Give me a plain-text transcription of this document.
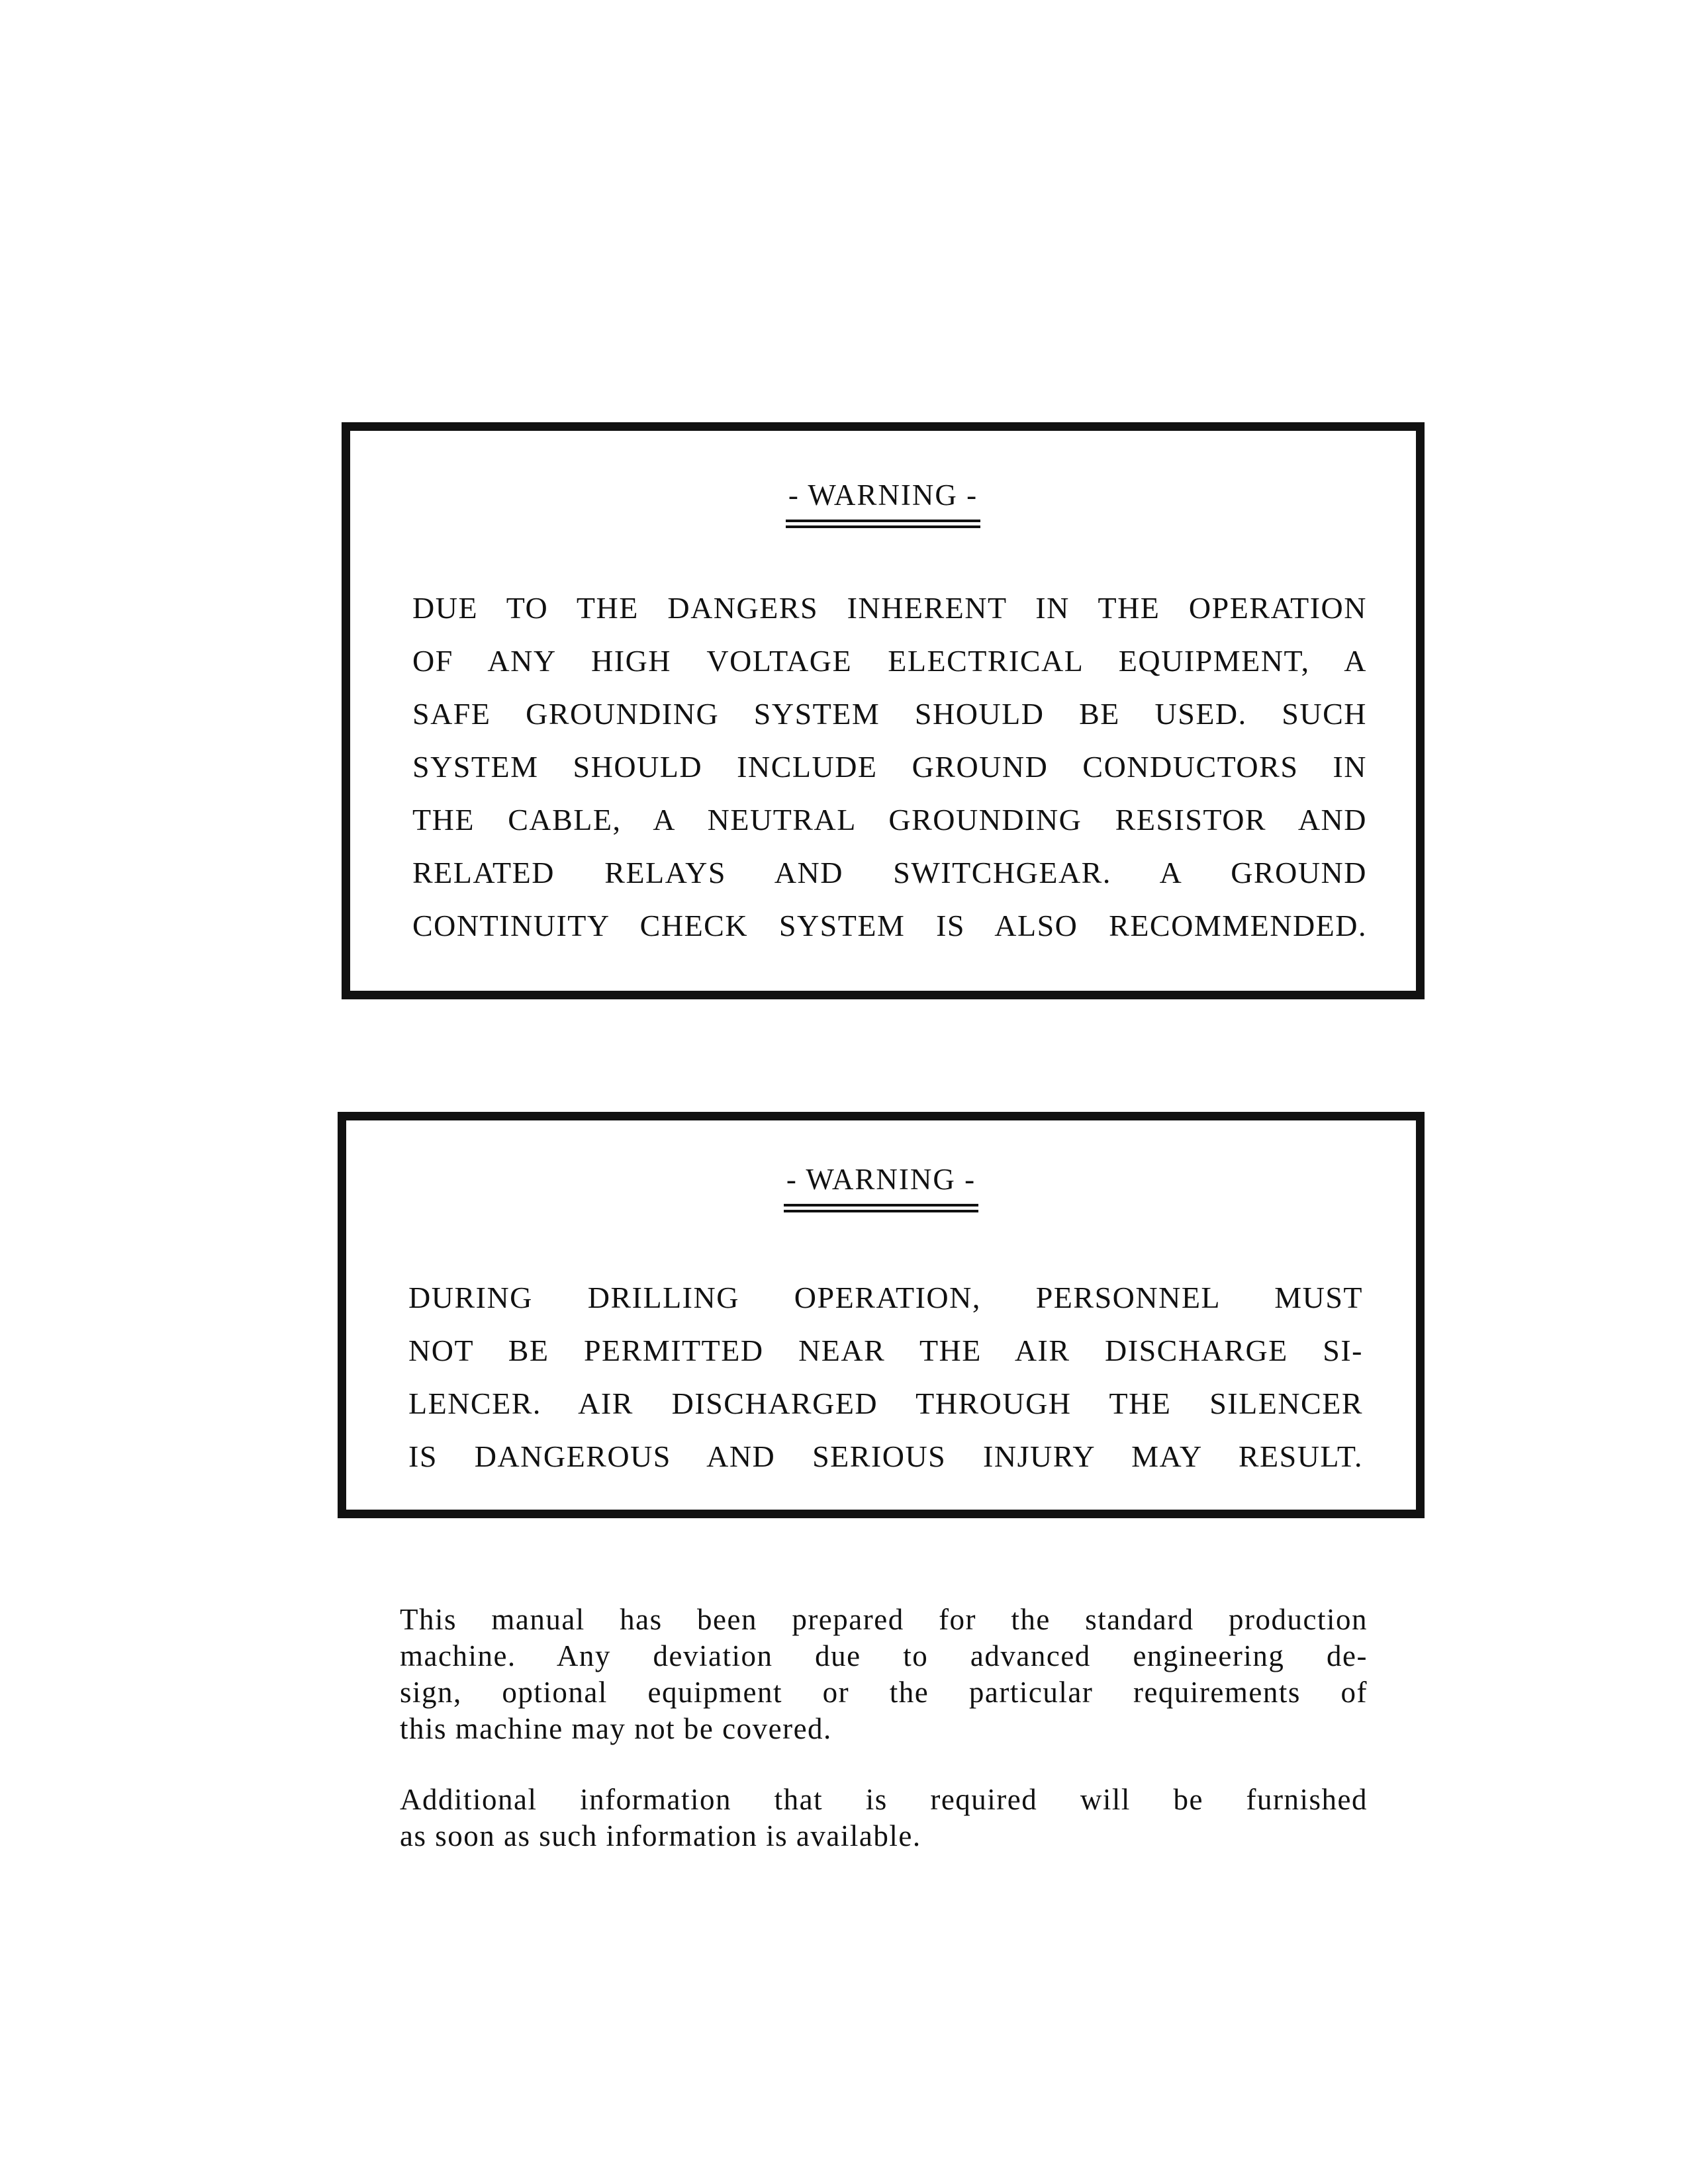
- WARNING -
DUE TO THE DANGERS INHERENT IN THE OPERATION
OF ANY HIGH VOLTAGE ELECTRICAL EQUIPMENT, A
SAFE GROUNDING SYSTEM SHOULD BE USED. SUCH
SYSTEM SHOULD INCLUDE GROUND CONDUCTORS IN
THE CABLE, A NEUTRAL GROUNDING RESISTOR AND
RELATED RELAYS AND SWITCHGEAR. A GROUND
CONTINUITY CHECK SYSTEM IS ALSO RECOMMENDED.
- WARNING -
DURING DRILLING OPERATION, PERSONNEL MUST
NOT BE PERMITTED NEAR THE AIR DISCHARGE SI-
LENCER. AIR DISCHARGED THROUGH THE SILENCER
IS DANGEROUS AND SERIOUS INJURY MAY RESULT.

This manual has been prepared for the standard production
machine. Any deviation due to advanced engineering de-
sign, optional equipment or the particular requirements of
this machine may not be covered.

Additional information that is required will be furnished
as soon as such information is available.
